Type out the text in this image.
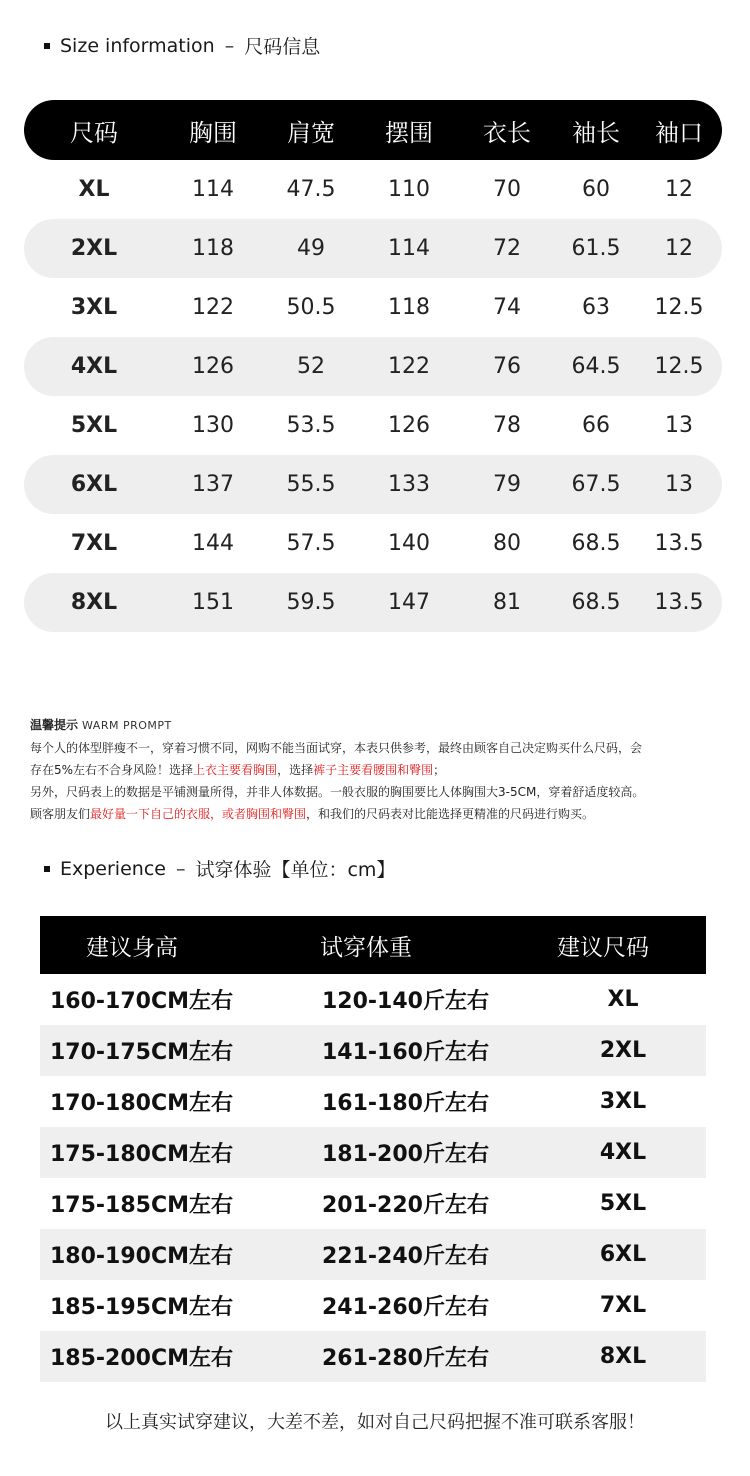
Size information – 尺码信息
尺码	胸围	肩宽	摆围	衣长	袖长	袖口
XL	114	47.5	110	70	60	12
2XL	118	49	114	72	61.5	12
3XL	122	50.5	118	74	63	12.5
4XL	126	52	122	76	64.5	12.5
5XL	130	53.5	126	78	66	13
6XL	137	55.5	133	79	67.5	13
7XL	144	57.5	140	80	68.5	13.5
8XL	151	59.5	147	81	68.5	13.5
温馨提示 WARM PROMPT
每个人的体型胖瘦不一，穿着习惯不同，网购不能当面试穿，本表只供参考，最终由顾客自己决定购买什么尺码，会
存在5%左右不合身风险！选择上衣主要看胸围，选择裤子主要看腰围和臀围；
另外，尺码表上的数据是平铺测量所得，并非人体数据。一般衣服的胸围要比人体胸围大3-5CM，穿着舒适度较高。
顾客朋友们最好量一下自己的衣服，或者胸围和臀围，和我们的尺码表对比能选择更精准的尺码进行购买。
Experience – 试穿体验【单位：cm】
建议身高	试穿体重	建议尺码
160-170CM左右	120-140斤左右	XL
170-175CM左右	141-160斤左右	2XL
170-180CM左右	161-180斤左右	3XL
175-180CM左右	181-200斤左右	4XL
175-185CM左右	201-220斤左右	5XL
180-190CM左右	221-240斤左右	6XL
185-195CM左右	241-260斤左右	7XL
185-200CM左右	261-280斤左右	8XL
以上真实试穿建议，大差不差，如对自己尺码把握不准可联系客服！
